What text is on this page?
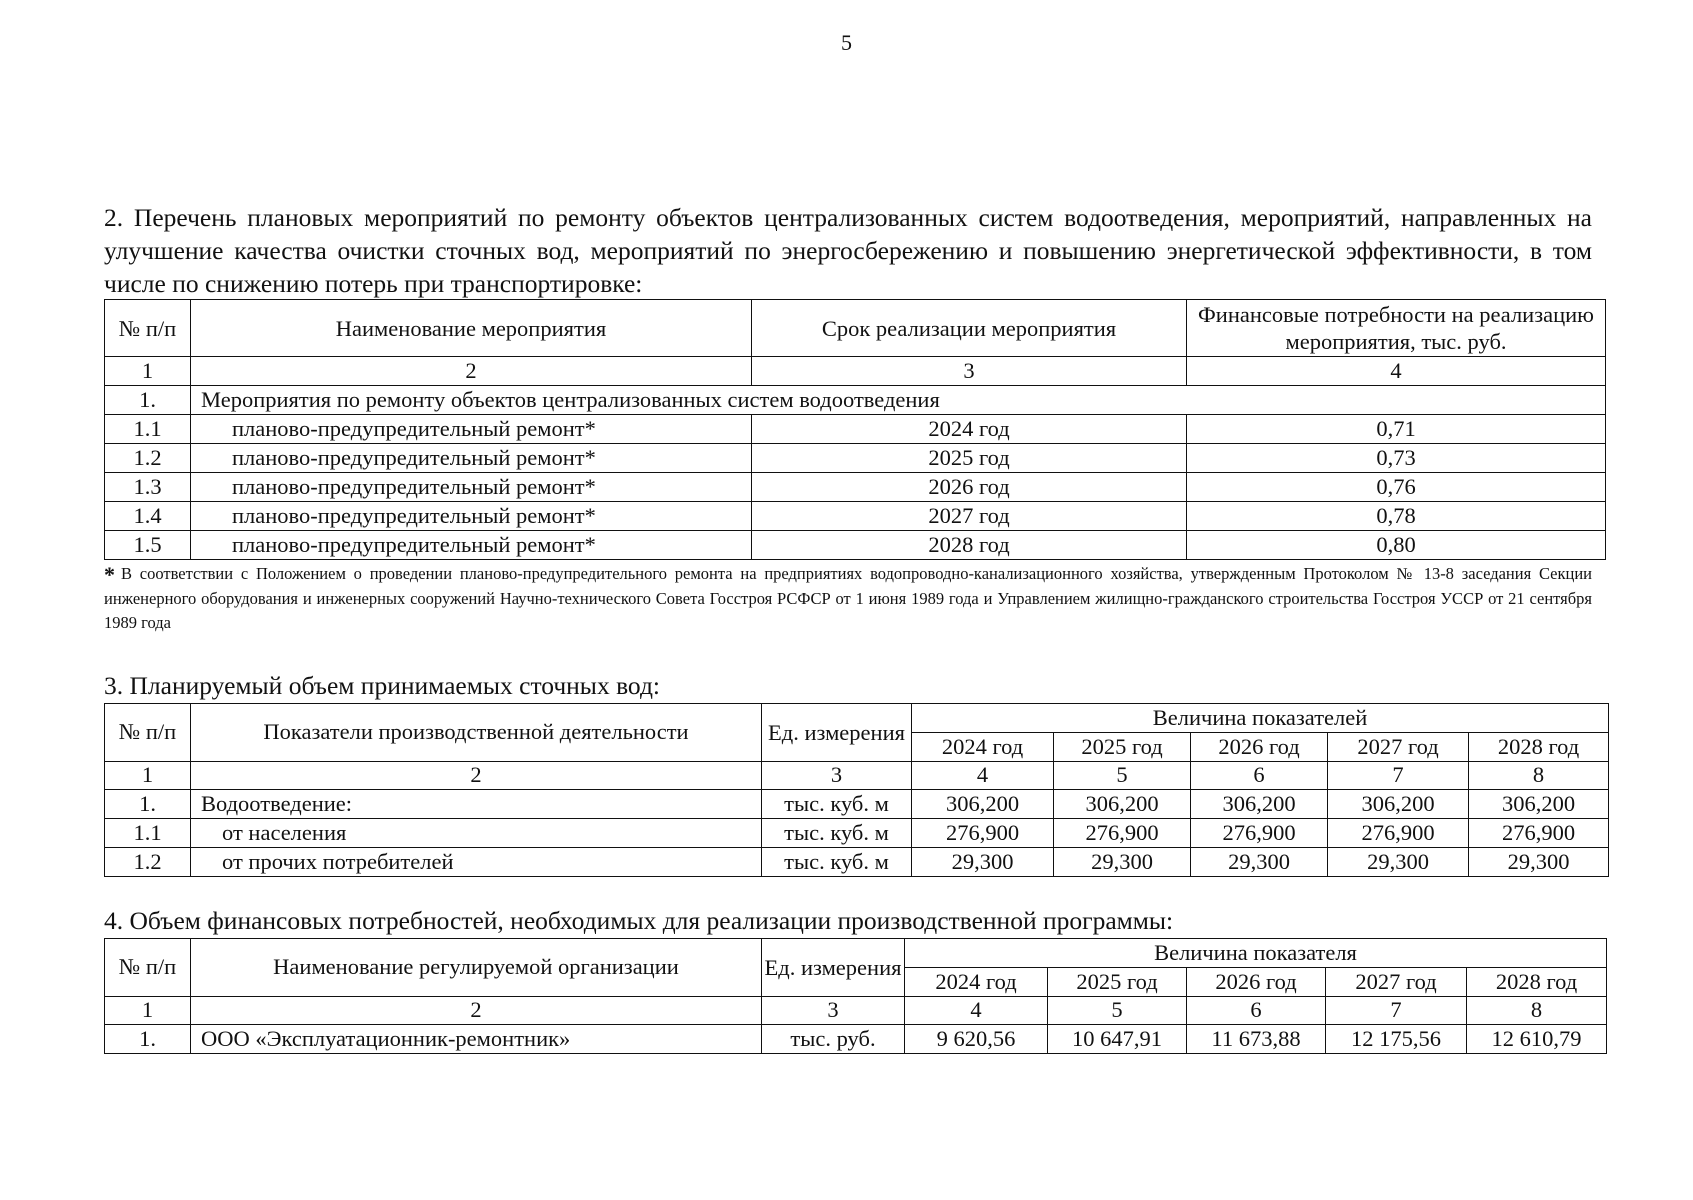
5
2. Перечень плановых мероприятий по ремонту объектов централизованных систем водоотведения, мероприятий, направленных на улучшение качества очистки сточных вод, мероприятий по энергосбережению и повышению энергетической эффективности, в том числе по снижению потерь при транспортировке:
№ п/п	Наименование мероприятия	Срок реализации мероприятия	Финансовые потребности на реализацию мероприятия, тыс. руб.
1	2	3	4
1.	Мероприятия по ремонту объектов централизованных систем водоотведения		
1.1	планово-предупредительный ремонт*	2024 год	0,71
1.2	планово-предупредительный ремонт*	2025 год	0,73
1.3	планово-предупредительный ремонт*	2026 год	0,76
1.4	планово-предупредительный ремонт*	2027 год	0,78
1.5	планово-предупредительный ремонт*	2028 год	0,80
* В соответствии с Положением о проведении планово-предупредительного ремонта на предприятиях водопроводно-канализационного хозяйства, утвержденным Протоколом № 13-8 заседания Секции инженерного оборудования и инженерных сооружений Научно-технического Совета Госстроя РСФСР от 1 июня 1989 года и Управлением жилищно-гражданского строительства Госстроя УССР от 21 сентября 1989 года
3. Планируемый объем принимаемых сточных вод:
№ п/п	Показатели производственной деятельности	Ед. измерения	Величина показателей				
			2024 год	2025 год	2026 год	2027 год	2028 год
1	2	3	4	5	6	7	8
1.	Водоотведение:	тыс. куб. м	306,200	306,200	306,200	306,200	306,200
1.1	от населения	тыс. куб. м	276,900	276,900	276,900	276,900	276,900
1.2	от прочих потребителей	тыс. куб. м	29,300	29,300	29,300	29,300	29,300
4. Объем финансовых потребностей, необходимых для реализации производственной программы:
№ п/п	Наименование регулируемой организации	Ед. измерения	Величина показателя				
			2024 год	2025 год	2026 год	2027 год	2028 год
1	2	3	4	5	6	7	8
1.	ООО «Эксплуатационник-ремонтник»	тыс. руб.	9 620,56	10 647,91	11 673,88	12 175,56	12 610,79
